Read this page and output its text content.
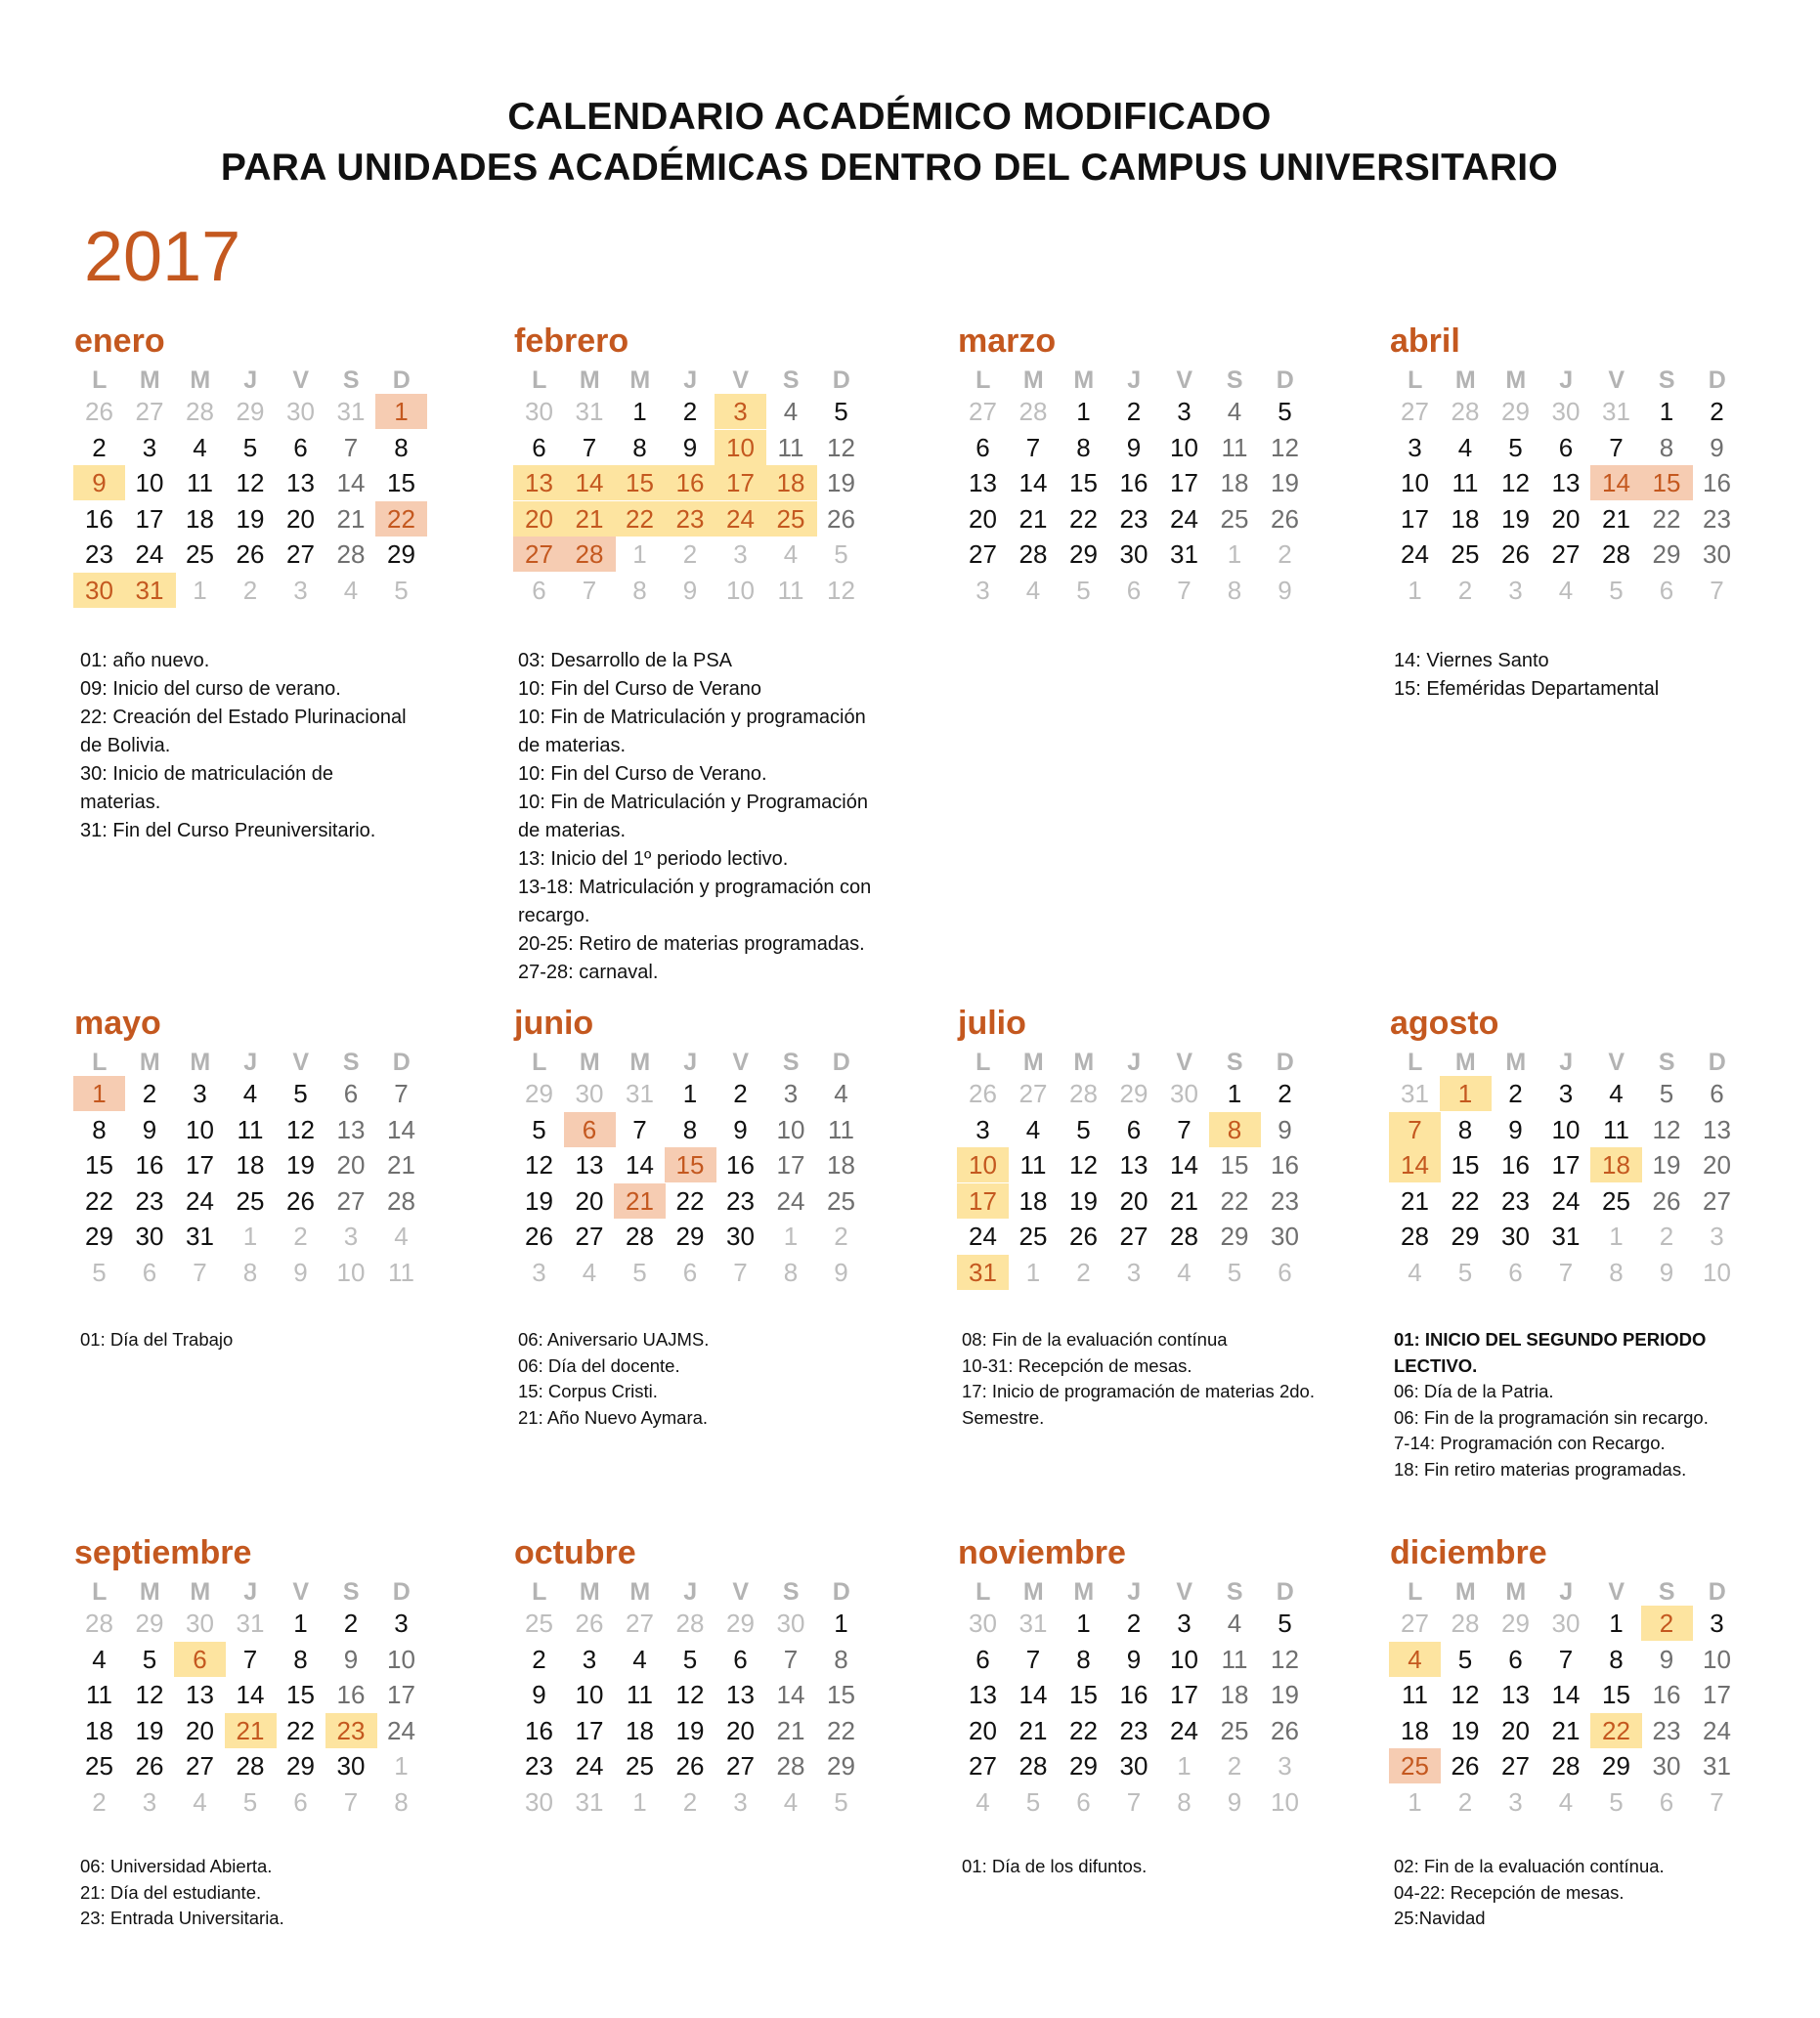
CALENDARIO ACADÉMICO MODIFICADO
PARA UNIDADES ACADÉMICAS DENTRO DEL CAMPUS UNIVERSITARIO
2017
enero
L	M	M	J	V	S	D
26 27 28 29 30 31	1
2	3	4	5	6	7	8
9	10 11 12 13 14 15
16 17 18 19 20 21 22
23 24 25 26 27 28 29
30 31	1	2	3	4	5
01: año nuevo.
09: Inicio del curso de verano.
22: Creación del Estado Plurinacional de Bolivia.
30: Inicio de matriculación de materias.
31: Fin del Curso Preuniversitario.
febrero
L	M	M	J	V	S	D
30 31	1	2	3	4	5
6	7	8	9	10 11 12
13 14 15 16 17 18 19
20 21 22 23 24 25 26
27 28	1	2	3	4	5
6	7	8	9	10 11 12
03: Desarrollo de la PSA
10: Fin del Curso de Verano
10: Fin de Matriculación y programación de materias.
10: Fin del Curso de Verano.
10: Fin de Matriculación y Programación de materias.
13: Inicio del 1º periodo lectivo.
13-18: Matriculación y programación con recargo.
20-25: Retiro de materias programadas.
27-28: carnaval.
marzo
L	M	M	J	V	S	D
27 28	1	2	3	4	5
6	7	8	9	10 11 12
13 14 15 16 17 18 19
20 21 22 23 24 25 26
27 28 29 30 31	1	2
3	4	5	6	7	8	9
abril
L	M	M	J	V	S	D
27 28 29 30 31	1	2
3	4	5	6	7	8	9
10 11 12 13 14 15 16
17 18 19 20 21 22 23
24 25 26 27 28 29 30
1	2	3	4	5	6	7
14: Viernes Santo
15: Efeméridas Departamental
mayo
L	M	M	J	V	S	D
1	2	3	4	5	6	7
8	9	10 11 12 13 14
15 16 17 18 19 20 21
22 23 24 25 26 27 28
29 30 31	1	2	3	4
5	6	7	8	9	10 11
01: Día del Trabajo
junio
L	M	M	J	V	S	D
29 30 31	1	2	3	4
5	6	7	8	9	10 11
12 13 14 15 16 17 18
19 20 21 22 23 24 25
26 27 28 29 30	1	2
3	4	5	6	7	8	9
06: Aniversario UAJMS.
06: Día del docente.
15: Corpus Cristi.
21: Año Nuevo Aymara.
julio
L	M	M	J	V	S	D
26 27 28 29 30	1	2
3	4	5	6	7	8	9
10 11 12 13 14 15 16
17 18 19 20 21 22 23
24 25 26 27 28 29 30
31	1	2	3	4	5	6
08: Fin de la evaluación contínua
10-31: Recepción de mesas.
17: Inicio de programación de materias 2do. Semestre.
agosto
L	M	M	J	V	S	D
31	1	2	3	4	5	6
7	8	9	10 11 12 13
14 15 16 17 18 19 20
21 22 23 24 25 26 27
28 29 30 31	1	2	3
4	5	6	7	8	9	10
01: INICIO DEL SEGUNDO PERIODO LECTIVO.
06: Día de la Patria.
06: Fin de la programación sin recargo.
7-14: Programación con Recargo.
18: Fin retiro materias programadas.
septiembre
L	M	M	J	V	S	D
28 29 30 31	1	2	3
4	5	6	7	8	9	10
11 12 13 14 15 16 17
18 19 20 21 22 23 24
25 26 27 28 29 30	1
2	3	4	5	6	7	8
06: Universidad Abierta.
21: Día del estudiante.
23: Entrada Universitaria.
octubre
L	M	M	J	V	S	D
25 26 27 28 29 30	1
2	3	4	5	6	7	8
9	10 11 12 13 14 15
16 17 18 19 20 21 22
23 24 25 26 27 28 29
30 31	1	2	3	4	5
noviembre
L	M	M	J	V	S	D
30 31	1	2	3	4	5
6	7	8	9	10 11 12
13 14 15 16 17 18 19
20 21 22 23 24 25 26
27 28 29 30	1	2	3
4	5	6	7	8	9	10
01: Día de los difuntos.
diciembre
L	M	M	J	V	S	D
27 28 29 30	1	2	3
4	5	6	7	8	9	10
11 12 13 14 15 16 17
18 19 20 21 22 23 24
25 26 27 28 29 30 31
1	2	3	4	5	6	7
02: Fin de la evaluación contínua.
04-22: Recepción de mesas.
25:Navidad
